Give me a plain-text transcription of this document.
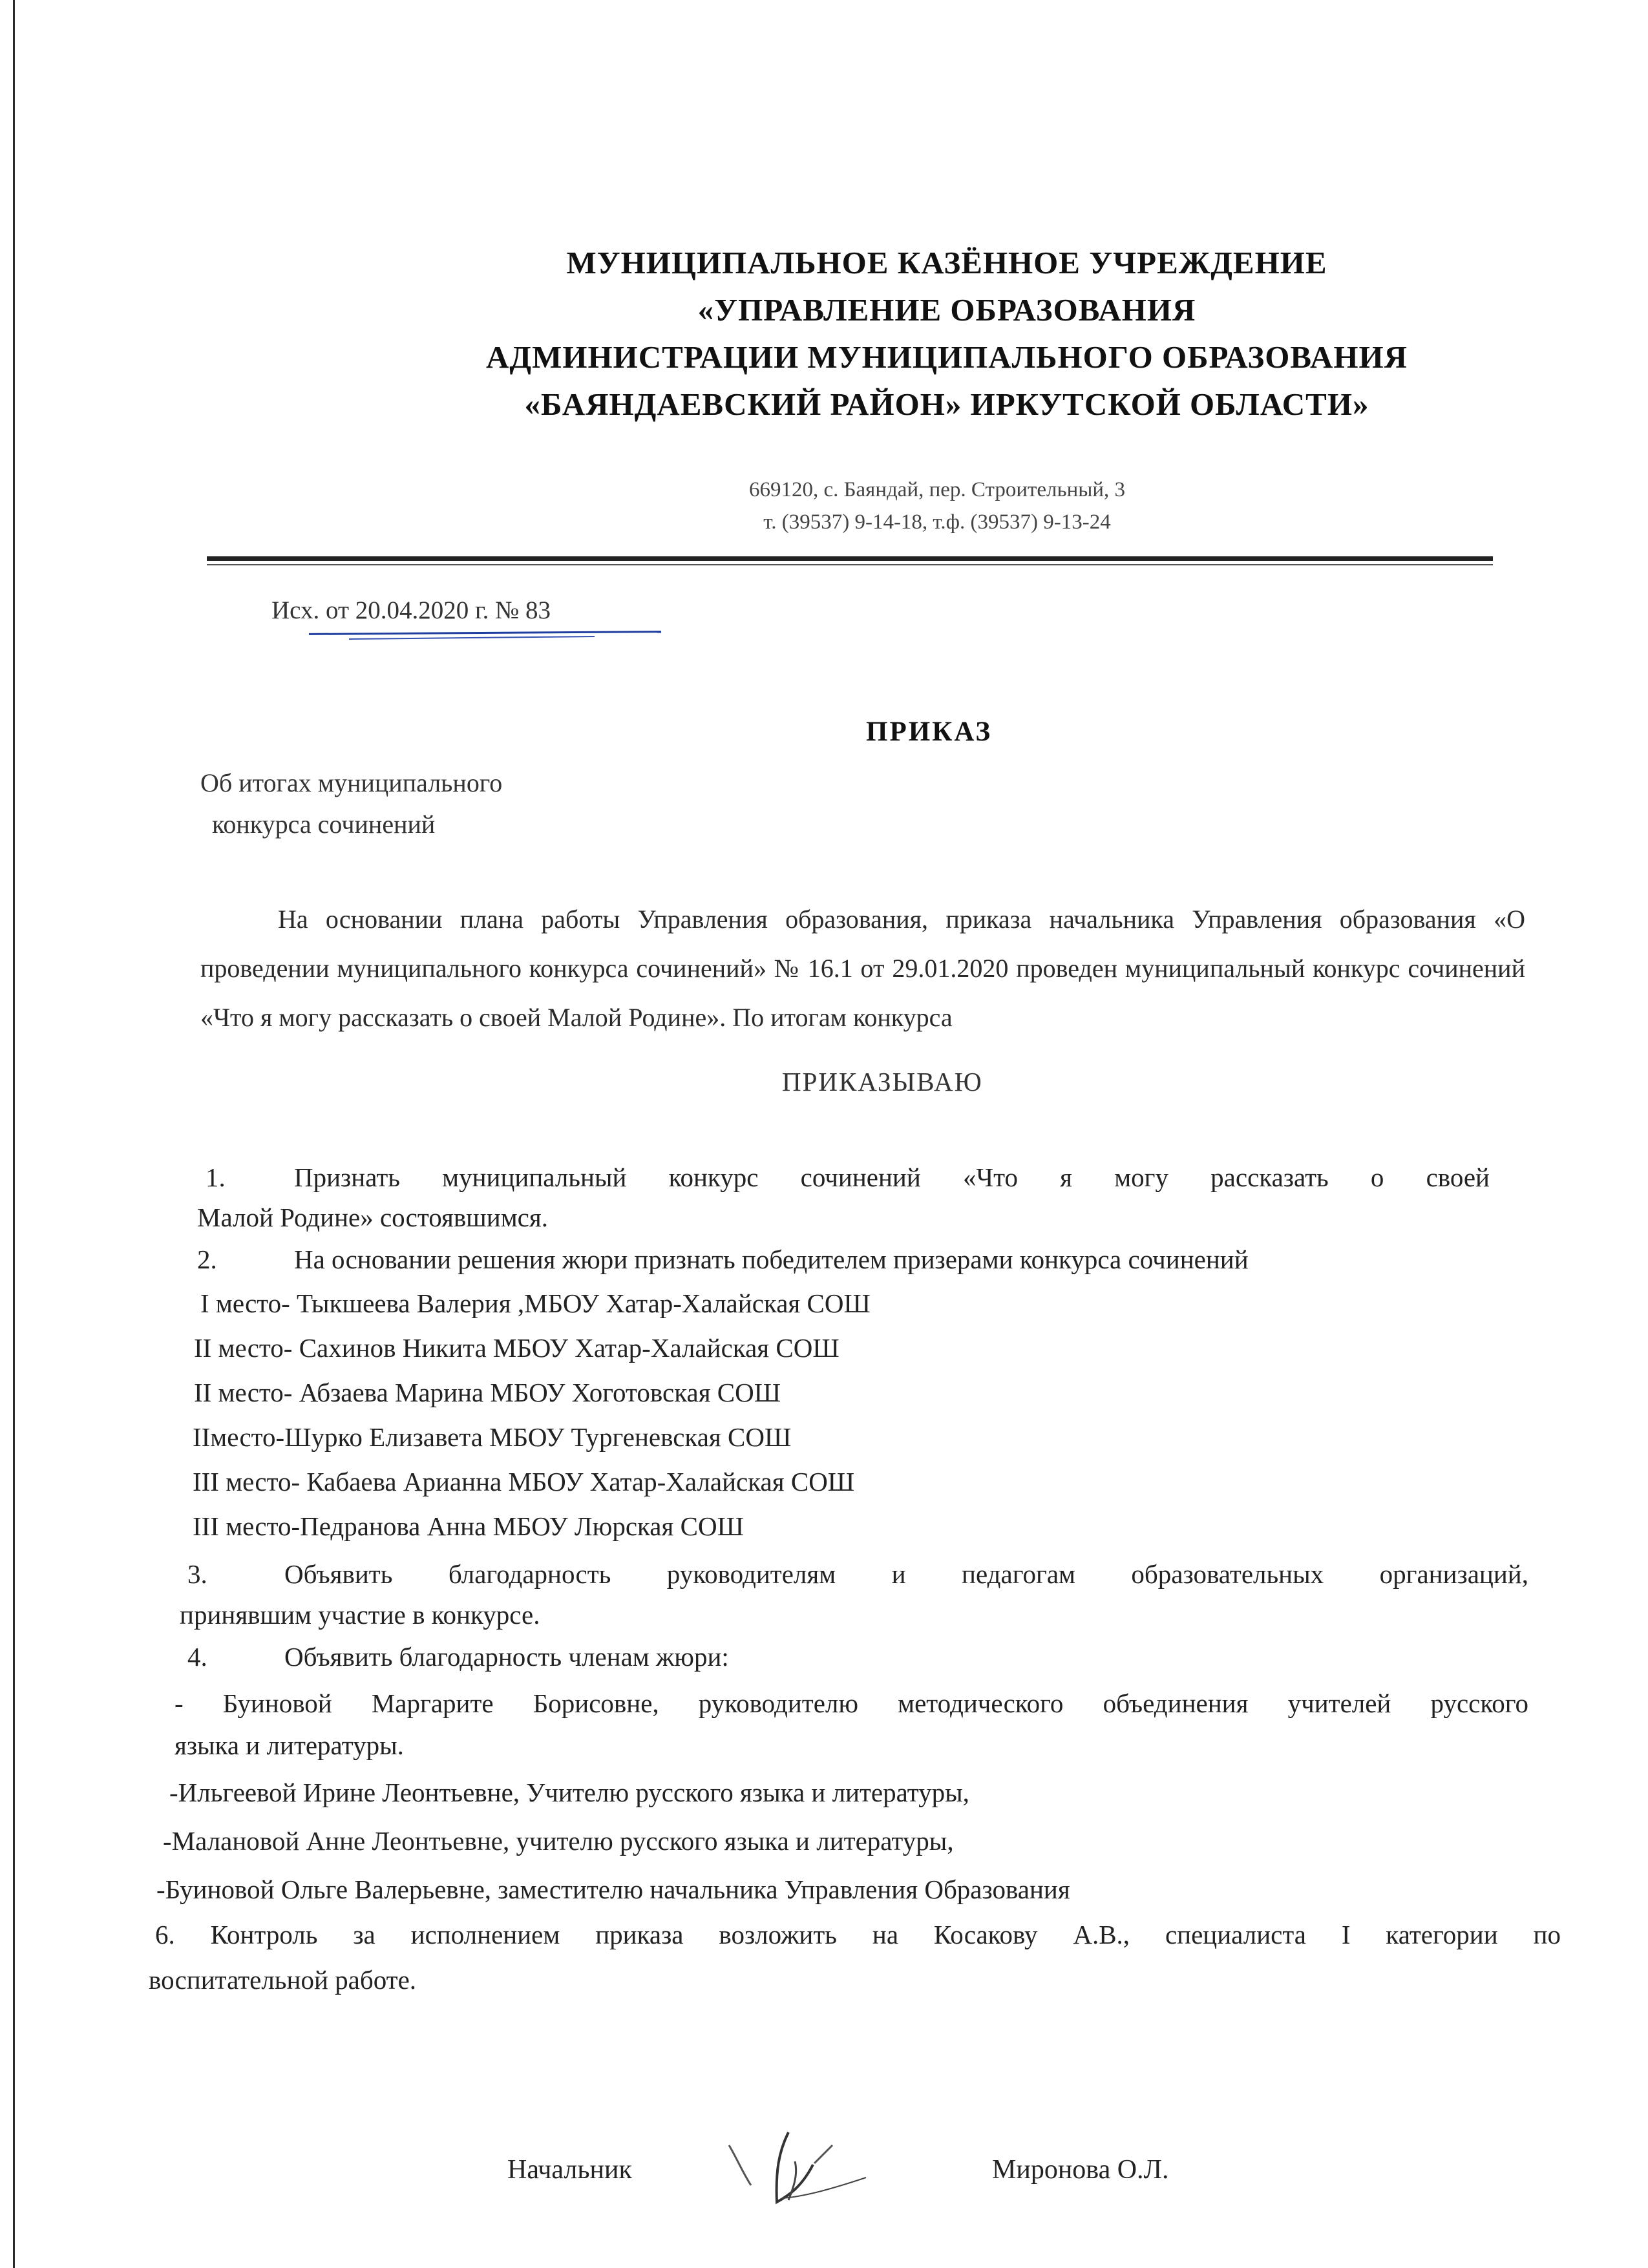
МУНИЦИПАЛЬНОЕ КАЗЁННОЕ УЧРЕЖДЕНИЕ
«УПРАВЛЕНИЕ ОБРАЗОВАНИЯ
АДМИНИСТРАЦИИ МУНИЦИПАЛЬНОГО ОБРАЗОВАНИЯ
«БАЯНДАЕВСКИЙ РАЙОН» ИРКУТСКОЙ ОБЛАСТИ»
669120, с. Баяндай, пер. Строительный, 3
т. (39537) 9-14-18, т.ф. (39537) 9-13-24
Исх. от 20.04.2020 г. № 83
ПРИКАЗ
Об итогах муниципального
конкурса сочинений

На основании плана работы Управления образования, приказа начальника Управления образования «О проведении муниципального конкурса сочинений» № 16.1 от 29.01.2020 проведен муниципальный конкурс сочинений «Что я могу рассказать о своей Малой Родине». По итогам конкурса

ПРИКАЗЫВАЮ
1.	Признать муниципальный конкурс сочинений «Что я могу рассказать о своей
Малой Родине» состоявшимся.
2.	На основании решения жюри признать победителем призерами конкурса сочинений
I место- Тыкшеева Валерия ,МБОУ Хатар-Халайская СОШ
II место- Сахинов Никита МБОУ Хатар-Халайская СОШ
II место- Абзаева Марина МБОУ Хоготовская СОШ
IIместо-Шурко Елизавета МБОУ Тургеневская СОШ
III место- Кабаева Арианна МБОУ Хатар-Халайская СОШ
III место-Педранова Анна МБОУ Люрская СОШ
3.	Объявить благодарность руководителям и педагогам образовательных организаций,
принявшим участие в конкурсе.
4.	Объявить благодарность членам жюри:
- Буиновой Маргарите Борисовне, руководителю методического объединения учителей русского
языка и литературы.
-Ильгеевой Ирине Леонтьевне, Учителю русского языка и литературы,
-Малановой Анне Леонтьевне, учителю русского языка и литературы,
-Буиновой Ольге Валерьевне, заместителю начальника Управления Образования
6. Контроль за исполнением приказа возложить на Косакову А.В., специалиста I категории по
воспитательной работе.
Начальник	Миронова О.Л.
